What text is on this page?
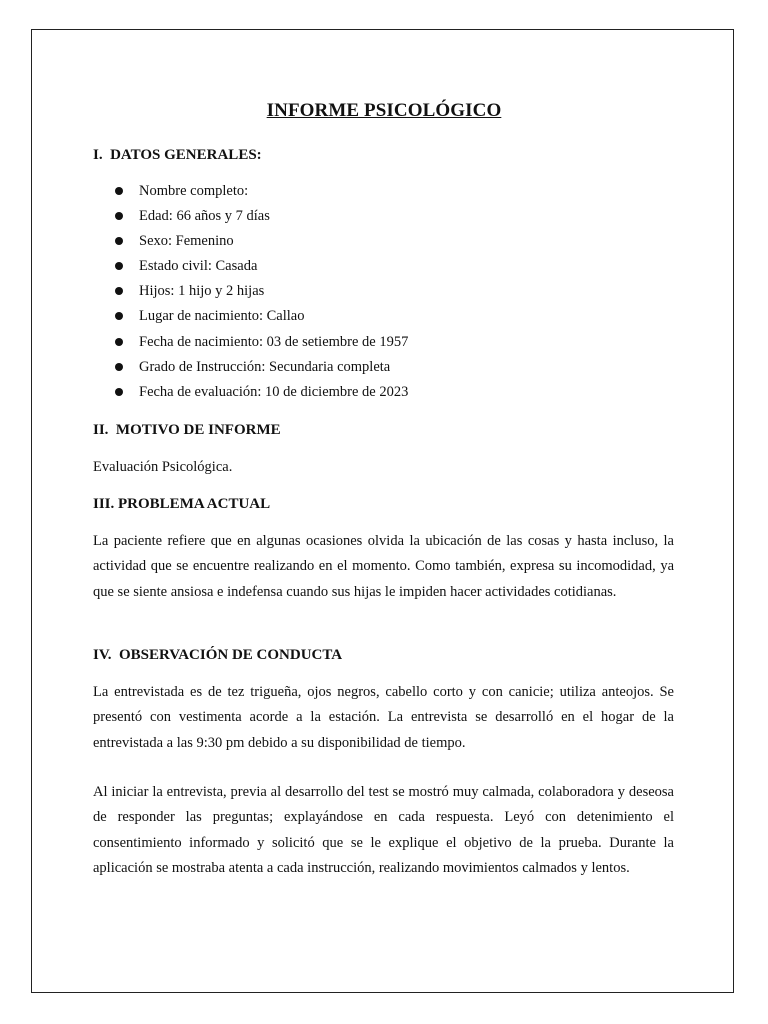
INFORME PSICOLÓGICO
I.  DATOS GENERALES:
Nombre completo:
Edad: 66 años y 7 días
Sexo: Femenino
Estado civil: Casada
Hijos: 1 hijo y 2 hijas
Lugar de nacimiento: Callao
Fecha de nacimiento: 03 de setiembre de 1957
Grado de Instrucción: Secundaria completa
Fecha de evaluación: 10 de diciembre de 2023
II.  MOTIVO DE INFORME
Evaluación Psicológica.
III. PROBLEMA ACTUAL

La paciente refiere que en algunas ocasiones olvida la ubicación de las cosas y hasta incluso, la actividad que se encuentre realizando en el momento. Como también, expresa su incomodidad, ya que se siente ansiosa e indefensa cuando sus hijas le impiden hacer actividades cotidianas.

IV.  OBSERVACIÓN DE CONDUCTA

La entrevistada es de tez trigueña, ojos negros, cabello corto y con canicie; utiliza anteojos. Se presentó con vestimenta acorde a la estación. La entrevista se desarrolló en el hogar de la entrevistada a las 9:30 pm debido a su disponibilidad de tiempo.

Al iniciar la entrevista, previa al desarrollo del test se mostró muy calmada, colaboradora y deseosa de responder las preguntas; explayándose en cada respuesta. Leyó con detenimiento el consentimiento informado y solicitó que se le explique el objetivo de la prueba. Durante la aplicación se mostraba atenta a cada instrucción, realizando movimientos calmados y lentos.
